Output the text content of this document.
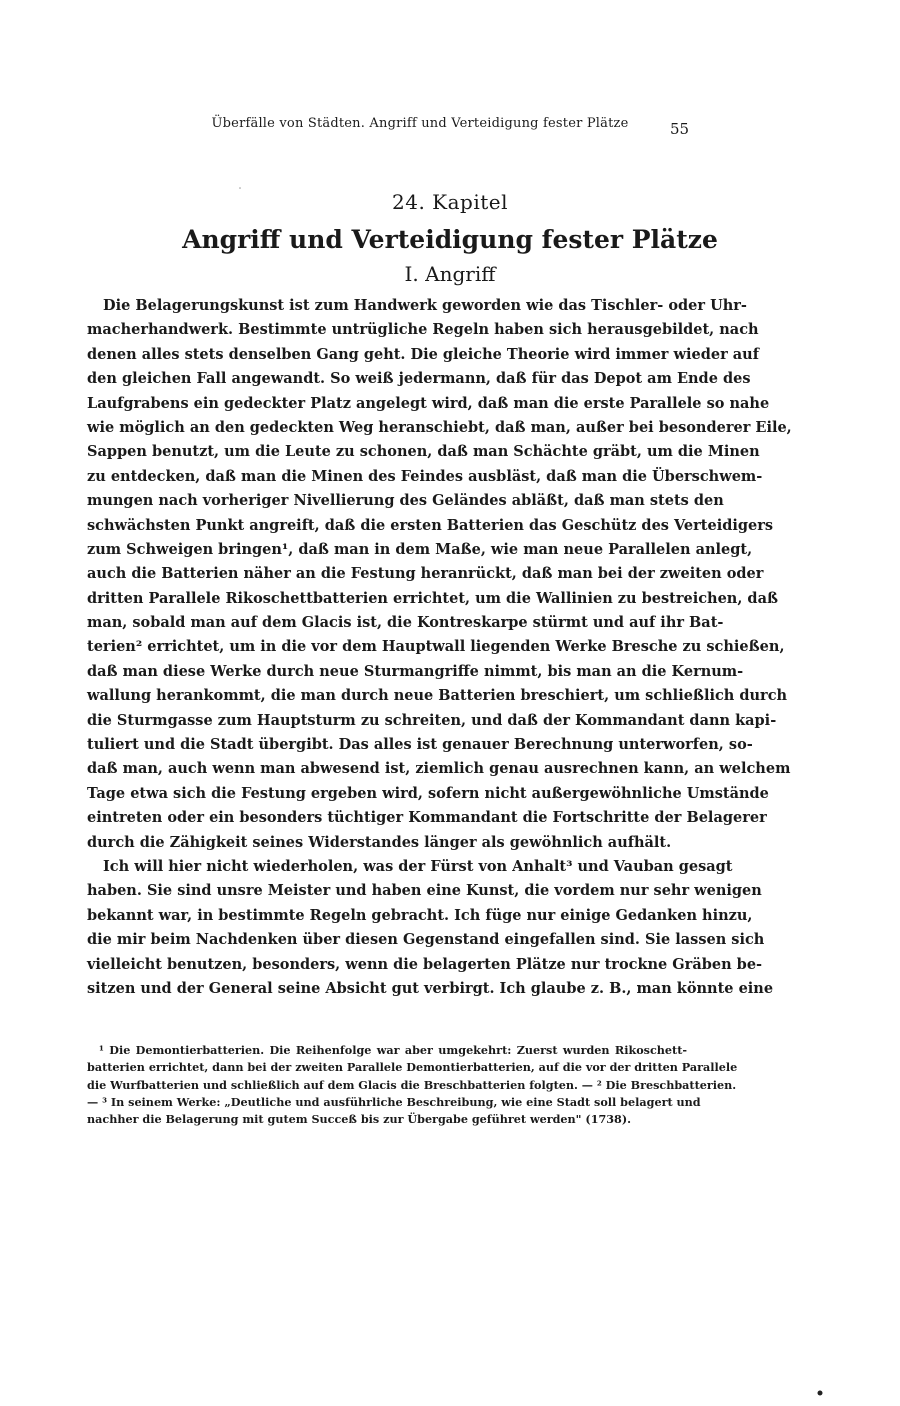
Überfälle von Städten. Angriff und Verteidigung fester Plätze	55
24. Kapitel
Angriff und Verteidigung fester Plätze
I. Angriff
Die Belagerungskunst ist zum Handwerk geworden wie das Tischler- oder Uhr-
macherhandwerk. Bestimmte untrügliche Regeln haben sich herausgebildet, nach
denen alles stets denselben Gang geht. Die gleiche Theorie wird immer wieder auf
den gleichen Fall angewandt. So weiß jedermann, daß für das Depot am Ende des
Laufgrabens ein gedeckter Platz angelegt wird, daß man die erste Parallele so nahe
wie möglich an den gedeckten Weg heranschiebt, daß man, außer bei besonderer Eile,
Sappen benutzt, um die Leute zu schonen, daß man Schächte gräbt, um die Minen
zu entdecken, daß man die Minen des Feindes ausbläst, daß man die Überschwem-
mungen nach vorheriger Nivellierung des Geländes abläßt, daß man stets den
schwächsten Punkt angreift, daß die ersten Batterien das Geschütz des Verteidigers
zum Schweigen bringen¹, daß man in dem Maße, wie man neue Parallelen anlegt,
auch die Batterien näher an die Festung heranrückt, daß man bei der zweiten oder
dritten Parallele Rikoschettbatterien errichtet, um die Wallinien zu bestreichen, daß
man, sobald man auf dem Glacis ist, die Kontreskarpe stürmt und auf ihr Bat-
terien² errichtet, um in die vor dem Hauptwall liegenden Werke Bresche zu schießen,
daß man diese Werke durch neue Sturmangriffe nimmt, bis man an die Kernum-
wallung herankommt, die man durch neue Batterien breschiert, um schließlich durch
die Sturmgasse zum Hauptsturm zu schreiten, und daß der Kommandant dann kapi-
tuliert und die Stadt übergibt. Das alles ist genauer Berechnung unterworfen, so-
daß man, auch wenn man abwesend ist, ziemlich genau ausrechnen kann, an welchem
Tage etwa sich die Festung ergeben wird, sofern nicht außergewöhnliche Umstände
eintreten oder ein besonders tüchtiger Kommandant die Fortschritte der Belagerer
durch die Zähigkeit seines Widerstandes länger als gewöhnlich aufhält.
Ich will hier nicht wiederholen, was der Fürst von Anhalt³ und Vauban gesagt
haben. Sie sind unsre Meister und haben eine Kunst, die vordem nur sehr wenigen
bekannt war, in bestimmte Regeln gebracht. Ich füge nur einige Gedanken hinzu,
die mir beim Nachdenken über diesen Gegenstand eingefallen sind. Sie lassen sich
vielleicht benutzen, besonders, wenn die belagerten Plätze nur trockne Gräben be-
sitzen und der General seine Absicht gut verbirgt. Ich glaube z. B., man könnte eine
¹ Die Demontierbatterien. Die Reihenfolge war aber umgekehrt: Zuerst wurden Rikoschett-
batterien errichtet, dann bei der zweiten Parallele Demontierbatterien, auf die vor der dritten Parallele
die Wurfbatterien und schließlich auf dem Glacis die Breschbatterien folgten. — ² Die Breschbatterien.
— ³ In seinem Werke: „Deutliche und ausführliche Beschreibung, wie eine Stadt soll belagert und
nachher die Belagerung mit gutem Succeß bis zur Übergabe geführet werden" (1738).
